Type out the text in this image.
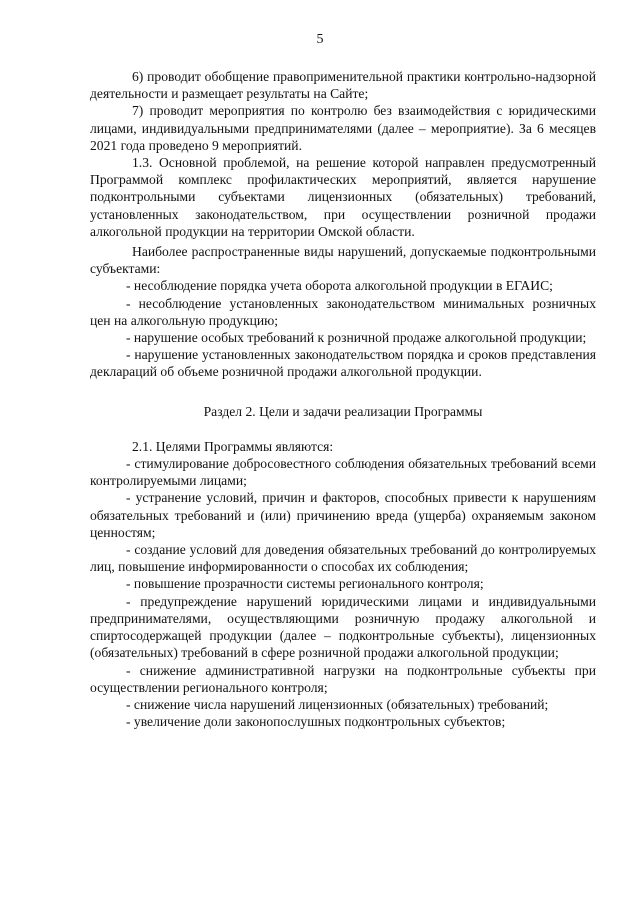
5

6) проводит обобщение правоприменительной практики контрольно-надзорной деятельности и размещает результаты на Сайте;

7) проводит мероприятия по контролю без взаимодействия с юридическими лицами, индивидуальными предпринимателями (далее – мероприятие). За 6 месяцев 2021 года проведено 9 мероприятий.

1.3. Основной проблемой, на решение которой направлен предусмотренный Программой комплекс профилактических мероприятий, является нарушение подконтрольными субъектами лицензионных (обязательных) требований, установленных законодательством, при осуществлении розничной продажи алкогольной продукции на территории Омской области.

Наиболее распространенные виды нарушений, допускаемые подконтрольными субъектами:

- несоблюдение порядка учета оборота алкогольной продукции в ЕГАИС;

- несоблюдение установленных законодательством минимальных розничных цен на алкогольную продукцию;

- нарушение особых требований к розничной продаже алкогольной продукции;

- нарушение установленных законодательством порядка и сроков представления деклараций об объеме розничной продажи алкогольной продукции.

Раздел 2. Цели и задачи реализации Программы

2.1. Целями Программы являются:

- стимулирование добросовестного соблюдения обязательных требований всеми контролируемыми лицами;

- устранение условий, причин и факторов, способных привести к нарушениям обязательных требований и (или) причинению вреда (ущерба) охраняемым законом ценностям;

- создание условий для доведения обязательных требований до контролируемых лиц, повышение информированности о способах их соблюдения;

- повышение прозрачности системы регионального контроля;

- предупреждение нарушений юридическими лицами и индивидуальными предпринимателями, осуществляющими розничную продажу алкогольной и спиртосодержащей продукции (далее – подконтрольные субъекты), лицензионных (обязательных) требований в сфере розничной продажи алкогольной продукции;

- снижение административной нагрузки на подконтрольные субъекты при осуществлении регионального контроля;

- снижение числа нарушений лицензионных (обязательных) требований;

- увеличение доли законопослушных подконтрольных субъектов;
